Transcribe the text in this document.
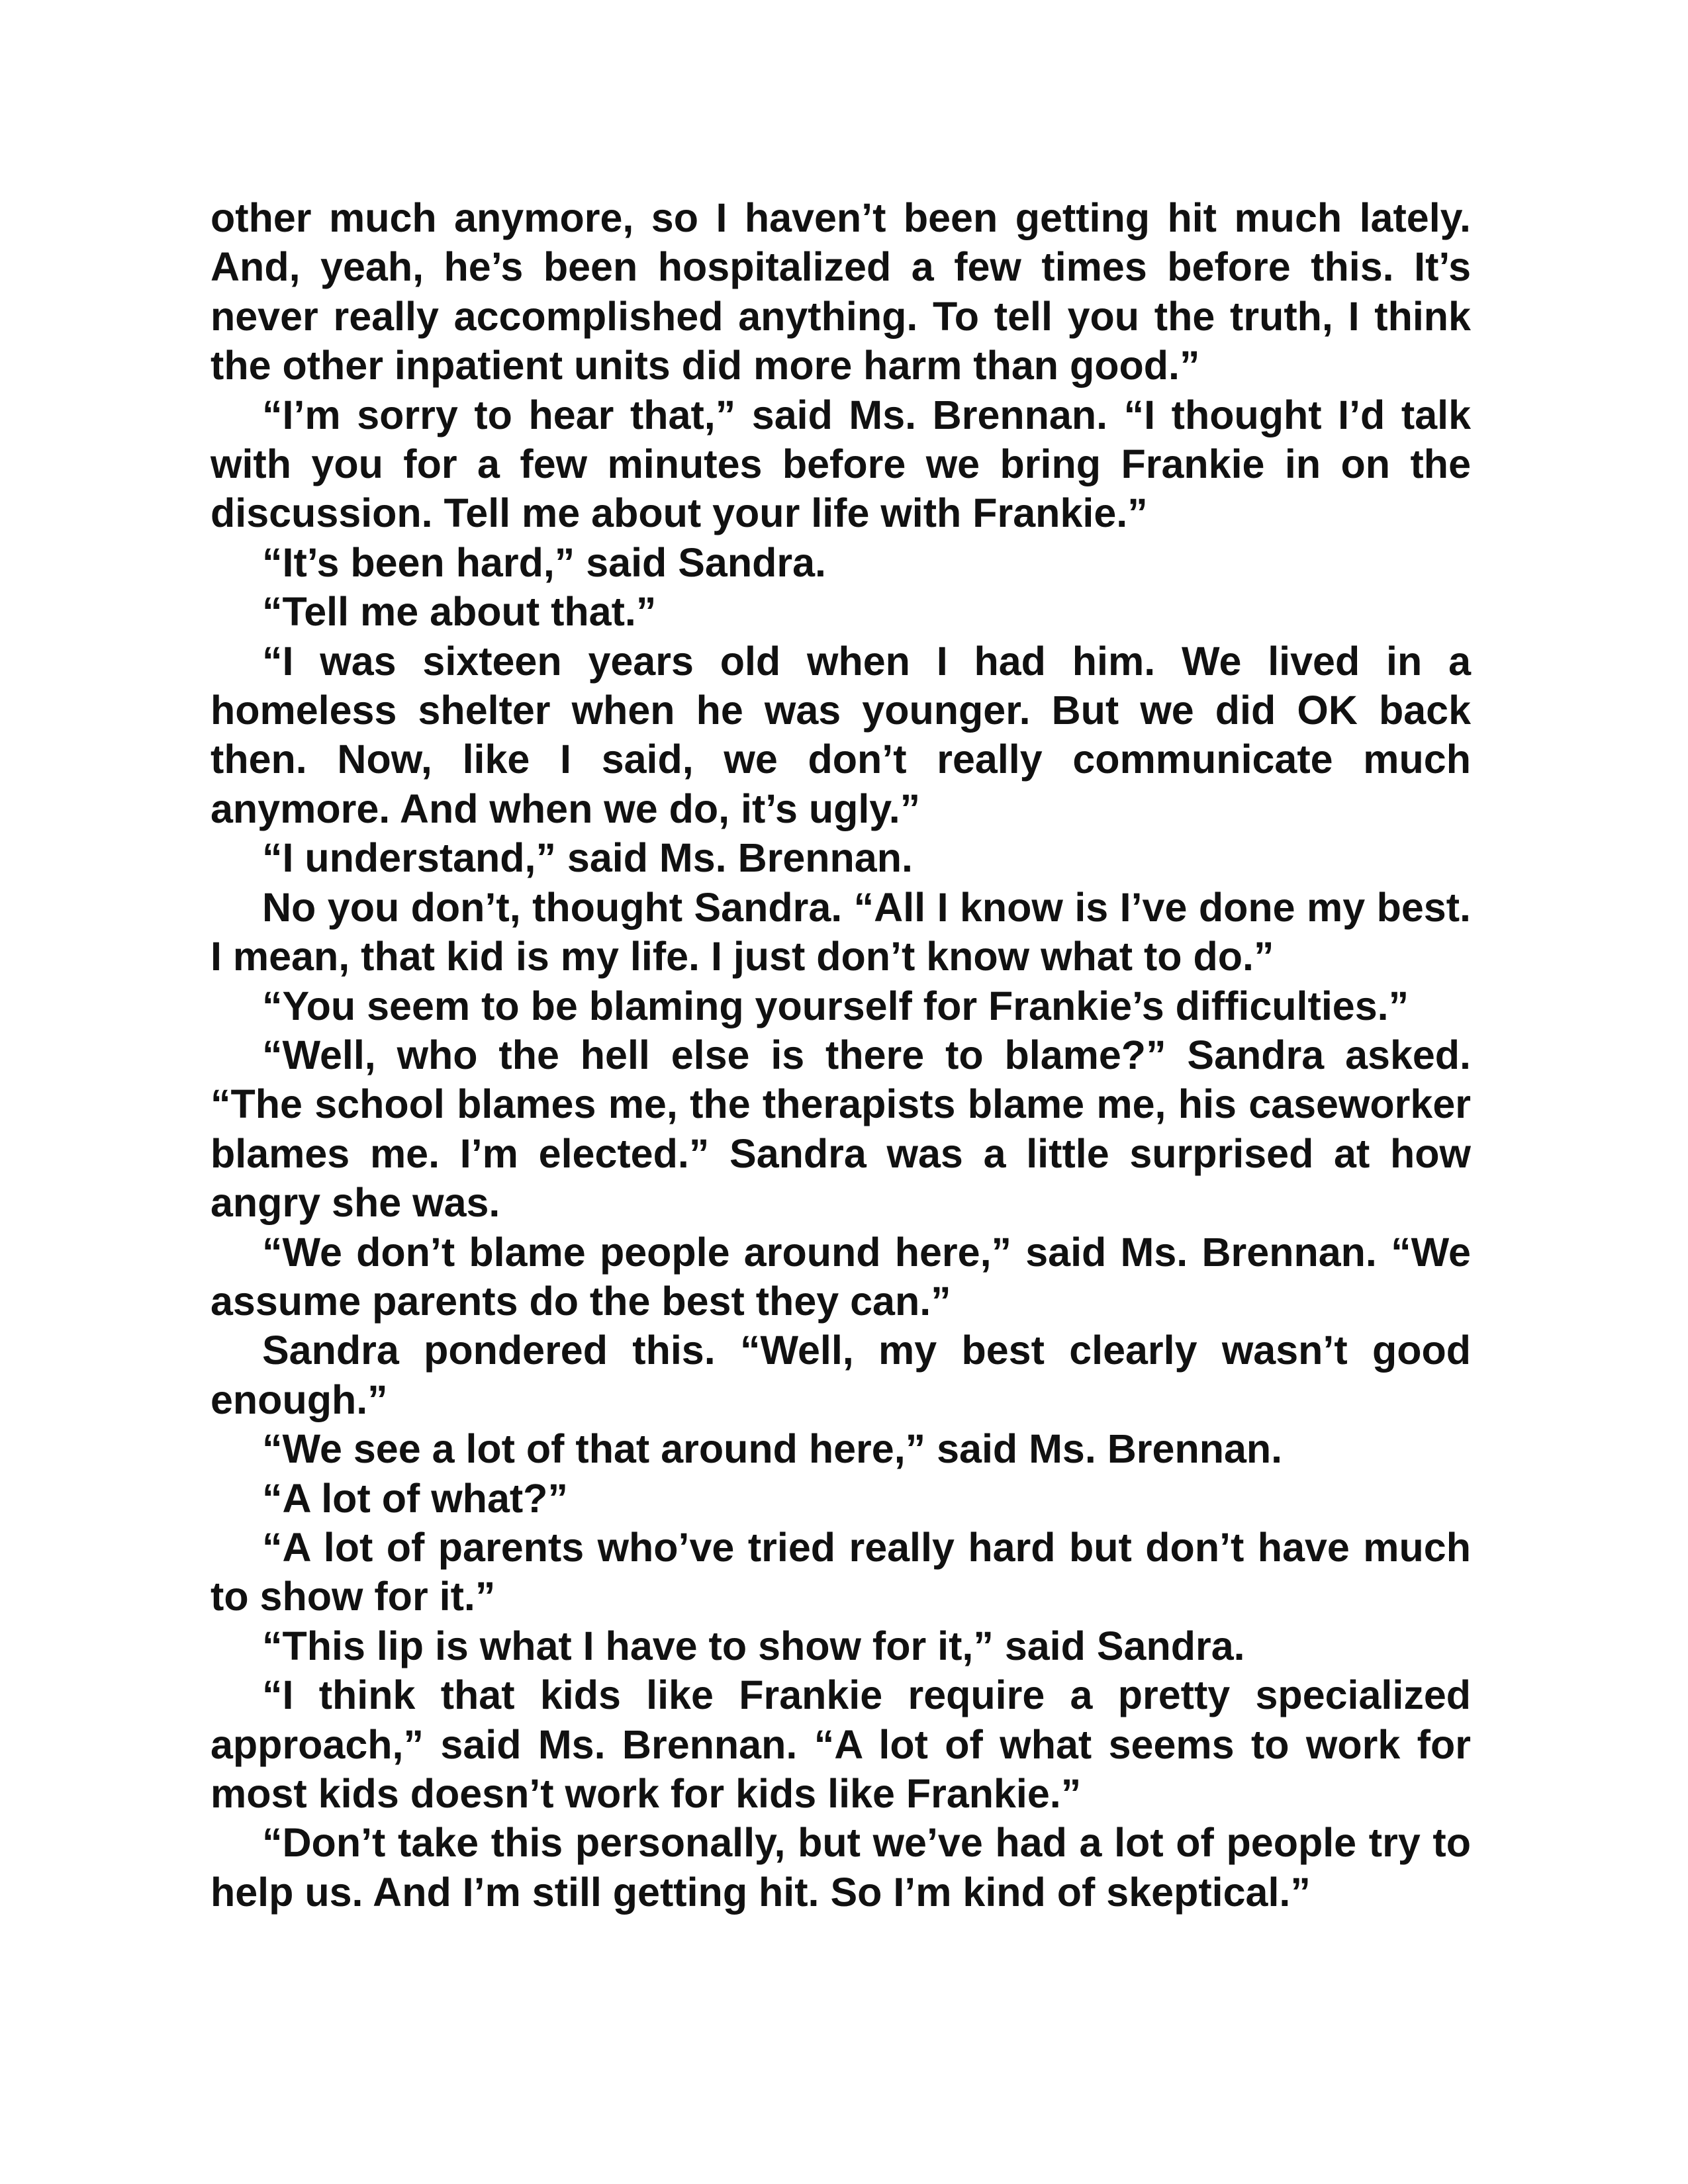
other much anymore, so I haven’t been getting hit much lately. And, yeah, he’s been hospitalized a few times before this. It’s never really accomplished anything. To tell you the truth, I think the other inpatient units did more harm than good.”

“I’m sorry to hear that,” said Ms. Brennan. “I thought I’d talk with you for a few minutes before we bring Frankie in on the discussion. Tell me about your life with Frankie.”

“It’s been hard,” said Sandra.

“Tell me about that.”

“I was sixteen years old when I had him. We lived in a homeless shelter when he was younger. But we did OK back then. Now, like I said, we don’t really communicate much anymore. And when we do, it’s ugly.”

“I understand,” said Ms. Brennan.

No you don’t, thought Sandra. “All I know is I’ve done my best. I mean, that kid is my life. I just don’t know what to do.”

“You seem to be blaming yourself for Frankie’s difficulties.”

“Well, who the hell else is there to blame?” Sandra asked. “The school blames me, the therapists blame me, his caseworker blames me. I’m elected.” Sandra was a little surprised at how angry she was.

“We don’t blame people around here,” said Ms. Brennan. “We assume parents do the best they can.”

Sandra pondered this. “Well, my best clearly wasn’t good enough.”

“We see a lot of that around here,” said Ms. Brennan.

“A lot of what?”

“A lot of parents who’ve tried really hard but don’t have much to show for it.”

“This lip is what I have to show for it,” said Sandra.

“I think that kids like Frankie require a pretty specialized approach,” said Ms. Brennan. “A lot of what seems to work for most kids doesn’t work for kids like Frankie.”

“Don’t take this personally, but we’ve had a lot of people try to help us. And I’m still getting hit. So I’m kind of skeptical.”
